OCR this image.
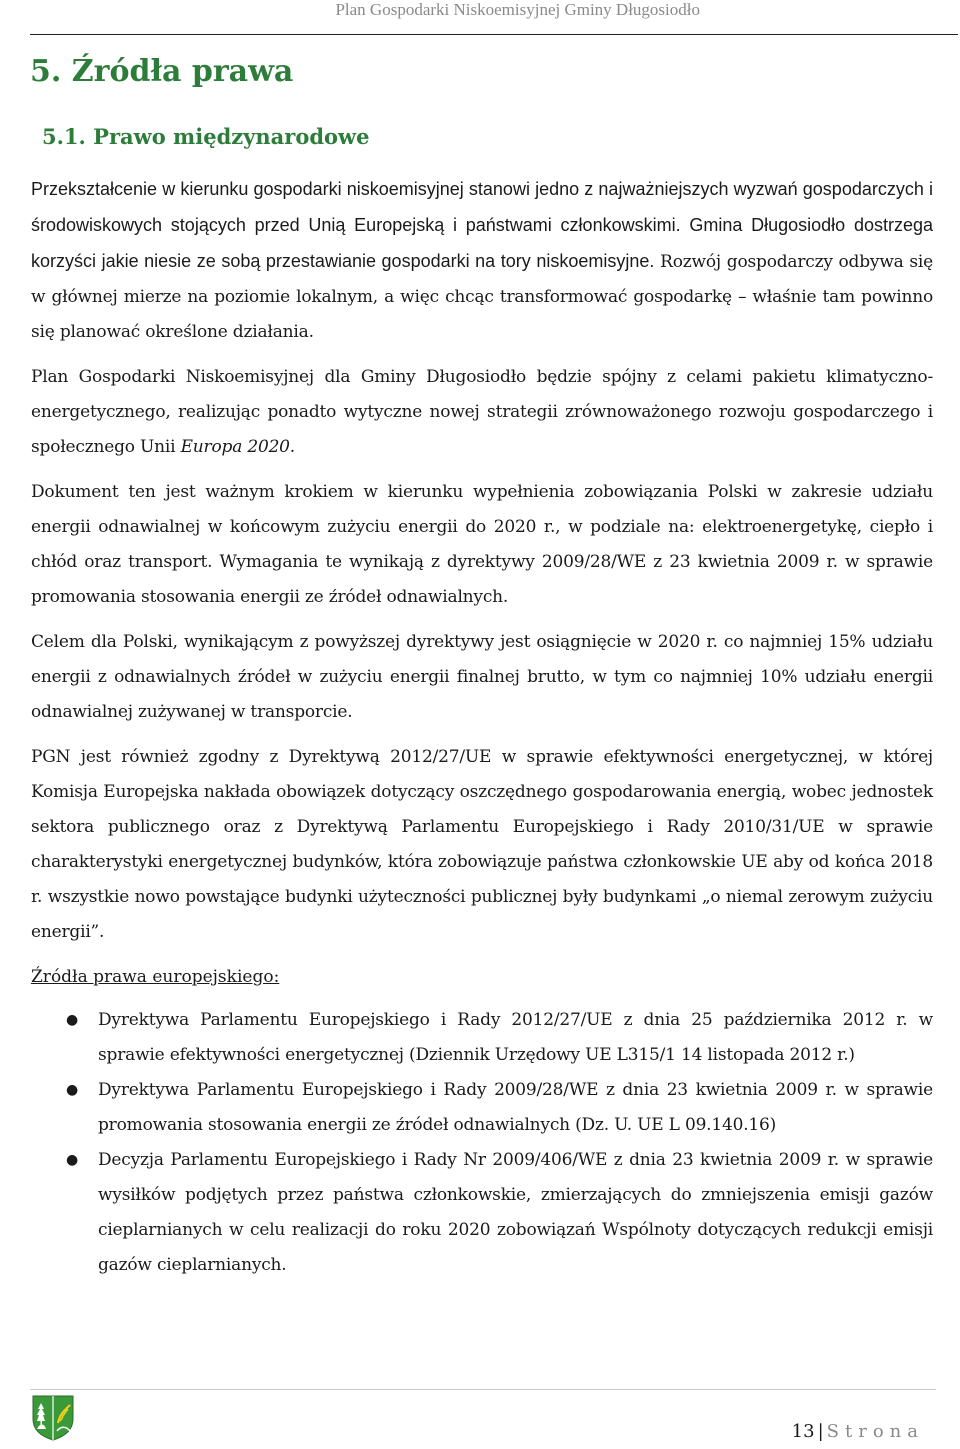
Plan Gospodarki Niskoemisyjnej Gminy Długosiodło
5. Źródła prawa
5.1. Prawo międzynarodowe

Przekształcenie w kierunku gospodarki niskoemisyjnej stanowi jedno z najważniejszych wyzwań gospodarczych i środowiskowych stojących przed Unią Europejską i państwami członkowskimi. Gmina Długosiodło dostrzega korzyści jakie niesie ze sobą przestawianie gospodarki na tory niskoemisyjne. Rozwój gospodarczy odbywa się w głównej mierze na poziomie lokalnym, a więc chcąc transformować gospodarkę – właśnie tam powinno się planować określone działania.

Plan Gospodarki Niskoemisyjnej dla Gminy Długosiodło będzie spójny z celami pakietu klimatyczno-energetycznego, realizując ponadto wytyczne nowej strategii zrównoważonego rozwoju gospodarczego i społecznego Unii Europa 2020.

Dokument ten jest ważnym krokiem w kierunku wypełnienia zobowiązania Polski w zakresie udziału energii odnawialnej w końcowym zużyciu energii do 2020 r., w podziale na: elektroenergetykę, ciepło i chłód oraz transport. Wymagania te wynikają z dyrektywy 2009/28/WE z 23 kwietnia 2009 r. w sprawie promowania stosowania energii ze źródeł odnawialnych.

Celem dla Polski, wynikającym z powyższej dyrektywy jest osiągnięcie w 2020 r. co najmniej 15% udziału energii z odnawialnych źródeł w zużyciu energii finalnej brutto, w tym co najmniej 10% udziału energii odnawialnej zużywanej w transporcie.

PGN jest również zgodny z Dyrektywą 2012/27/UE w sprawie efektywności energetycznej, w której Komisja Europejska nakłada obowiązek dotyczący oszczędnego gospodarowania energią, wobec jednostek sektora publicznego oraz z Dyrektywą Parlamentu Europejskiego i Rady 2010/31/UE w sprawie charakterystyki energetycznej budynków, która zobowiązuje państwa członkowskie UE aby od końca 2018 r. wszystkie nowo powstające budynki użyteczności publicznej były budynkami „o niemal zerowym zużyciu energii”.

Źródła prawa europejskiego:

● Dyrektywa Parlamentu Europejskiego i Rady 2012/27/UE z dnia 25 października 2012 r. w sprawie efektywności energetycznej (Dziennik Urzędowy UE L315/1 14 listopada 2012 r.)
● Dyrektywa Parlamentu Europejskiego i Rady 2009/28/WE z dnia 23 kwietnia 2009 r. w sprawie promowania stosowania energii ze źródeł odnawialnych (Dz. U. UE L 09.140.16)
● Decyzja Parlamentu Europejskiego i Rady Nr 2009/406/WE z dnia 23 kwietnia 2009 r. w sprawie wysiłków podjętych przez państwa członkowskie, zmierzających do zmniejszenia emisji gazów cieplarnianych w celu realizacji do roku 2020 zobowiązań Wspólnoty dotyczących redukcji emisji gazów cieplarnianych.
13 | Strona
